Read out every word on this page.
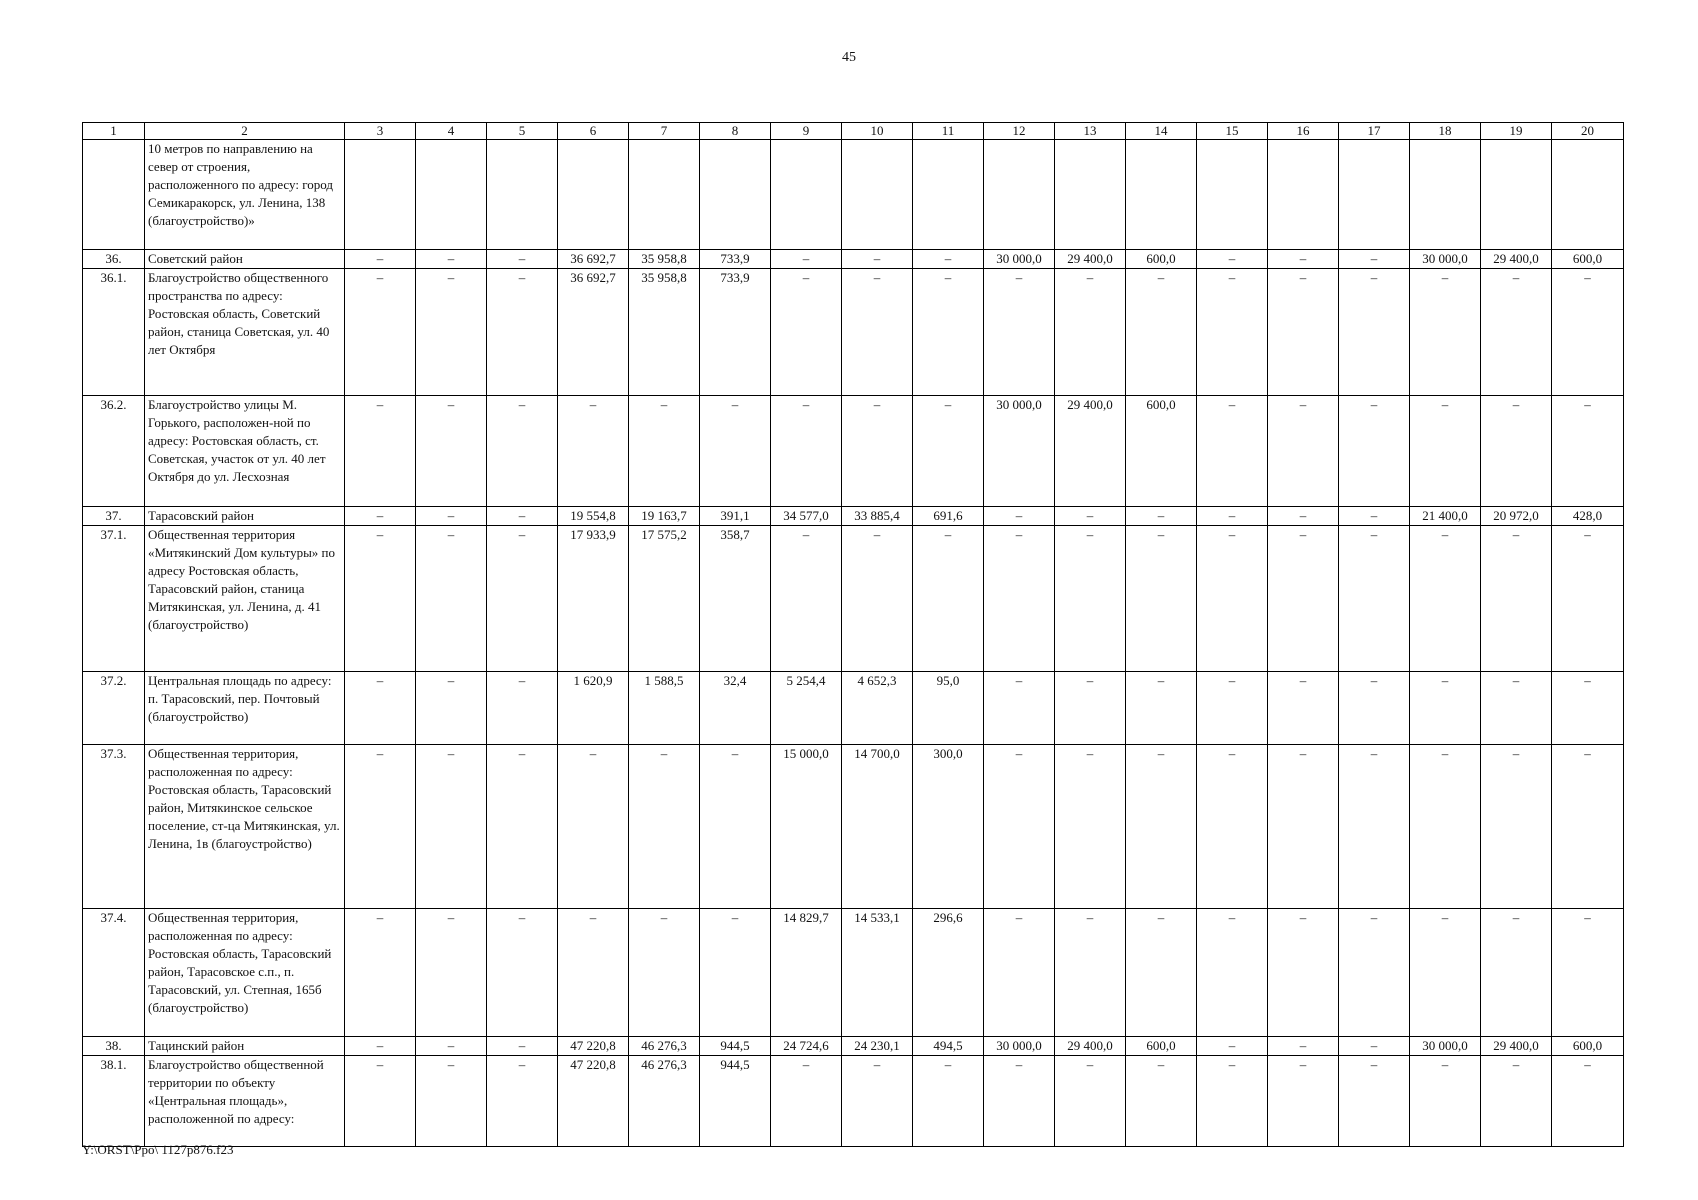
45
1	2	3	4	5	6	7	8	9	10	11	12	13	14	15	16	17	18	19	20
	10 метров по направлению на север от строения, расположенного по адресу: город Семикаракорск, ул. Ленина, 138 (благоустройство)»																		
36.	Советский район	–	–	–	36 692,7	35 958,8	733,9	–	–	–	30 000,0	29 400,0	600,0	–	–	–	30 000,0	29 400,0	600,0
36.1.	Благоустройство общественного пространства по адресу: Ростовская область, Советский район, станица Советская, ул. 40 лет Октября	–	–	–	36 692,7	35 958,8	733,9	–	–	–	–	–	–	–	–	–	–	–	–
36.2.	Благоустройство улицы М. Горького, расположен-ной по адресу: Ростовская область, ст. Советская, участок от ул. 40 лет Октября до ул. Лесхозная	–	–	–	–	–	–	–	–	–	30 000,0	29 400,0	600,0	–	–	–	–	–	–
37.	Тарасовский район	–	–	–	19 554,8	19 163,7	391,1	34 577,0	33 885,4	691,6	–	–	–	–	–	–	21 400,0	20 972,0	428,0
37.1.	Общественная территория «Митякинский Дом культуры» по адресу Ростовская область, Тарасовский район, станица Митякинская, ул. Ленина, д. 41 (благоустройство)	–	–	–	17 933,9	17 575,2	358,7	–	–	–	–	–	–	–	–	–	–	–	–
37.2.	Центральная площадь по адресу: п. Тарасовский, пер. Почтовый (благоустройство)	–	–	–	1 620,9	1 588,5	32,4	5 254,4	4 652,3	95,0	–	–	–	–	–	–	–	–	–
37.3.	Общественная территория, расположенная по адресу: Ростовская область, Тарасовский район, Митякинское сельское поселение, ст-ца Митякинская, ул. Ленина, 1в (благоустройство)	–	–	–	–	–	–	15 000,0	14 700,0	300,0	–	–	–	–	–	–	–	–	–
37.4.	Общественная территория, расположенная по адресу: Ростовская область, Тарасовский район, Тарасовское с.п., п. Тарасовский, ул. Степная, 165б (благоустройство)	–	–	–	–	–	–	14 829,7	14 533,1	296,6	–	–	–	–	–	–	–	–	–
38.	Тацинский район	–	–	–	47 220,8	46 276,3	944,5	24 724,6	24 230,1	494,5	30 000,0	29 400,0	600,0	–	–	–	30 000,0	29 400,0	600,0
38.1.	Благоустройство общественной территории по объекту «Центральная площадь», расположенной по адресу:	–	–	–	47 220,8	46 276,3	944,5	–	–	–	–	–	–	–	–	–	–	–	–
Y:\ORST\Ppo\ 1127p876.f23
